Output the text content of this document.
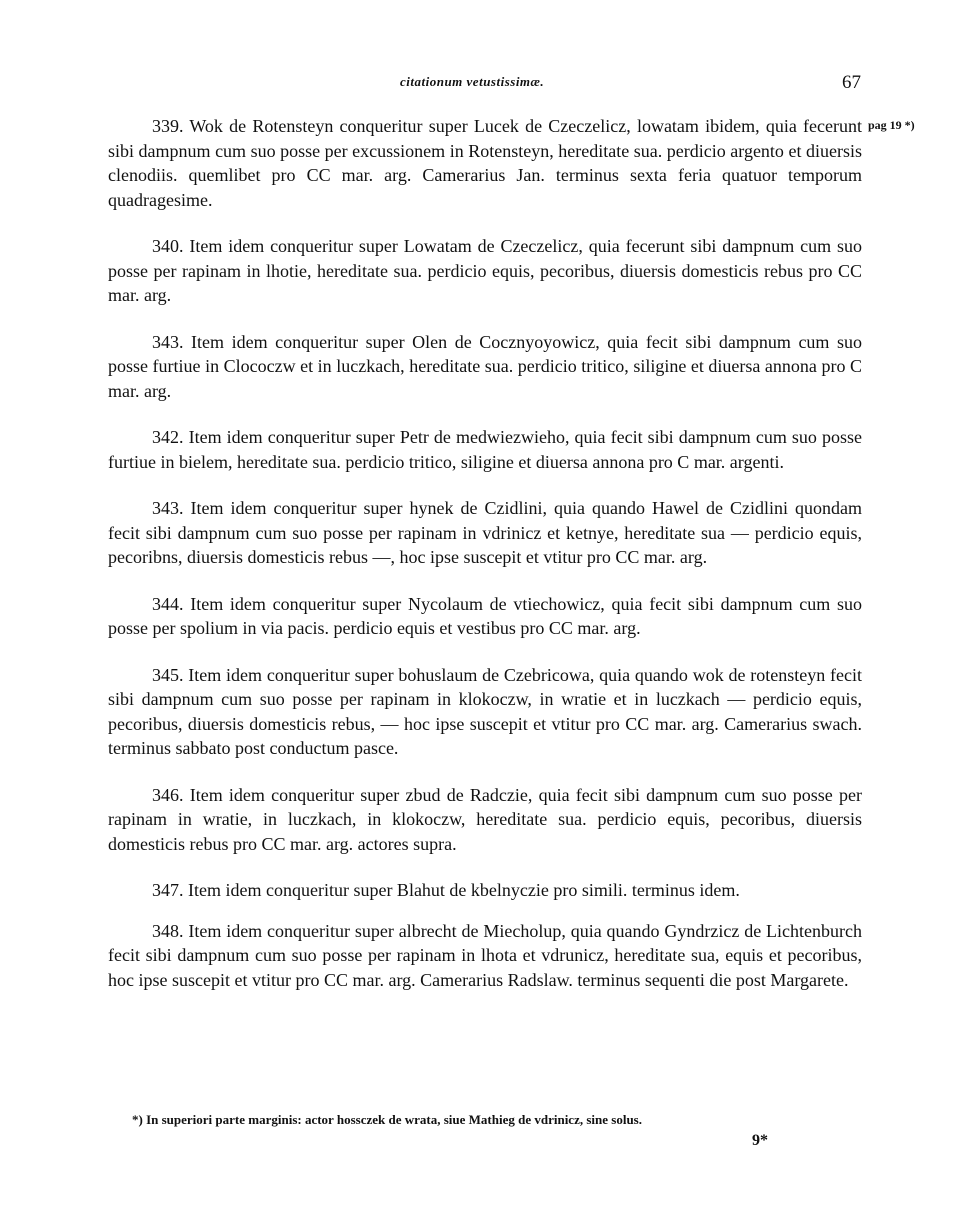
citationum vetustissimæ.	67
pag 19 *)

339. Wok de Rotensteyn conqueritur super Lucek de Czeczelicz, lowatam ibidem, quia fecerunt sibi dampnum cum suo posse per excussionem in Rotensteyn, hereditate sua. perdicio argento et diuersis clenodiis. quemlibet pro CC mar. arg. Camerarius Jan. terminus sexta feria quatuor temporum quadragesime.

340. Item idem conqueritur super Lowatam de Czeczelicz, quia fecerunt sibi dampnum cum suo posse per rapinam in lhotie, hereditate sua. perdicio equis, pecoribus, diuersis domesticis rebus pro CC mar. arg.

343. Item idem conqueritur super Olen de Cocznyoyowicz, quia fecit sibi dampnum cum suo posse furtiue in Clococzw et in luczkach, hereditate sua. perdicio tritico, siligine et diuersa annona pro C mar. arg.

342. Item idem conqueritur super Petr de medwiezwieho, quia fecit sibi dampnum cum suo posse furtiue in bielem, hereditate sua. perdicio tritico, siligine et diuersa annona pro C mar. argenti.

343. Item idem conqueritur super hynek de Czidlini, quia quando Hawel de Czidlini quondam fecit sibi dampnum cum suo posse per rapinam in vdrinicz et ketnye, hereditate sua — perdicio equis, pecoribns, diuersis domesticis rebus —, hoc ipse suscepit et vtitur pro CC mar. arg.

344. Item idem conqueritur super Nycolaum de vtiechowicz, quia fecit sibi dampnum cum suo posse per spolium in via pacis. perdicio equis et vestibus pro CC mar. arg.

345. Item idem conqueritur super bohuslaum de Czebricowa, quia quando wok de rotensteyn fecit sibi dampnum cum suo posse per rapinam in klokoczw, in wratie et in luczkach — perdicio equis, pecoribus, diuersis domesticis rebus, — hoc ipse suscepit et vtitur pro CC mar. arg. Camerarius swach. terminus sabbato post conductum pasce.

346. Item idem conqueritur super zbud de Radczie, quia fecit sibi dampnum cum suo posse per rapinam in wratie, in luczkach, in klokoczw, hereditate sua. perdicio equis, pecoribus, diuersis domesticis rebus pro CC mar. arg. actores supra.

347. Item idem conqueritur super Blahut de kbelnyczie pro simili. terminus idem.

348. Item idem conqueritur super albrecht de Miecholup, quia quando Gyndrzicz de Lichtenburch fecit sibi dampnum cum suo posse per rapinam in lhota et vdrunicz, hereditate sua, equis et pecoribus, hoc ipse suscepit et vtitur pro CC mar. arg. Camerarius Radslaw. terminus sequenti die post Margarete.

*) In superiori parte marginis: actor hossczek de wrata, siue Mathieg de vdrinicz, sine solus.
9*
